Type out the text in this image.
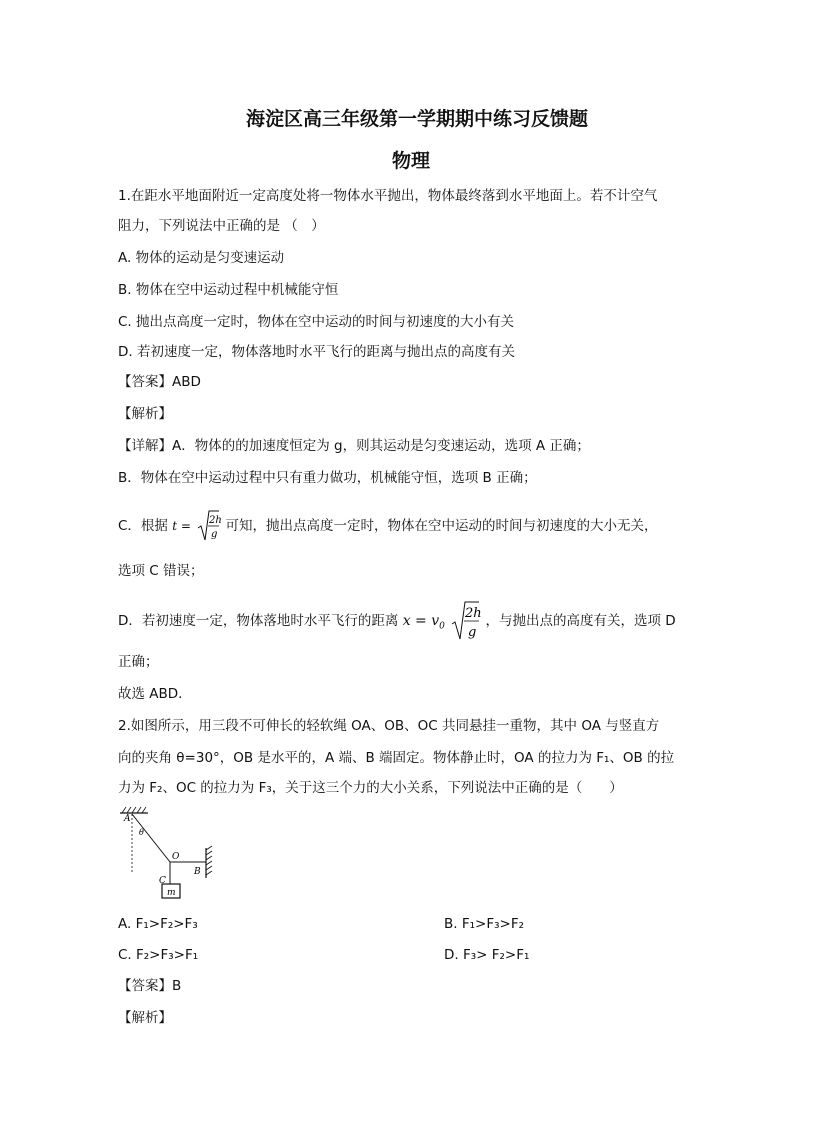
海淀区高三年级第一学期期中练习反馈题
物理
1.在距水平地面附近一定高度处将一物体水平抛出，物体最终落到水平地面上。若不计空气
阻力，下列说法中正确的是 （　）
A. 物体的运动是匀变速运动
B. 物体在空中运动过程中机械能守恒
C. 抛出点高度一定时，物体在空中运动的时间与初速度的大小有关
D. 若初速度一定，物体落地时水平飞行的距离与抛出点的高度有关
【答案】ABD
【解析】
【详解】A．物体的的加速度恒定为 g，则其运动是匀变速运动，选项 A 正确；
B．物体在空中运动过程中只有重力做功，机械能守恒，选项 B 正确；
C．根据 t = 2h
g
可知，抛出点高度一定时，物体在空中运动的时间与初速度的大小无关，
选项 C 错误；
D．若初速度一定，物体落地时水平飞行的距离 $x = v_0$
2h
g
，与抛出点的高度有关，选项 D
正确；
故选 ABD.
2.如图所示，用三段不可伸长的轻软绳 OA、OB、OC 共同悬挂一重物，其中 OA 与竖直方
向的夹角 θ=30°，OB 是水平的，A 端、B 端固定。物体静止时，OA 的拉力为 F₁、OB 的拉
力为 F₂、OC 的拉力为 F₃，关于这三个力的大小关系，下列说法中正确的是（　　）
A
θ
O
B
C
m
A. F₁>F₂>F₃	B. F₁>F₃>F₂
C. F₂>F₃>F₁	D. F₃> F₂>F₁
【答案】B
【解析】
